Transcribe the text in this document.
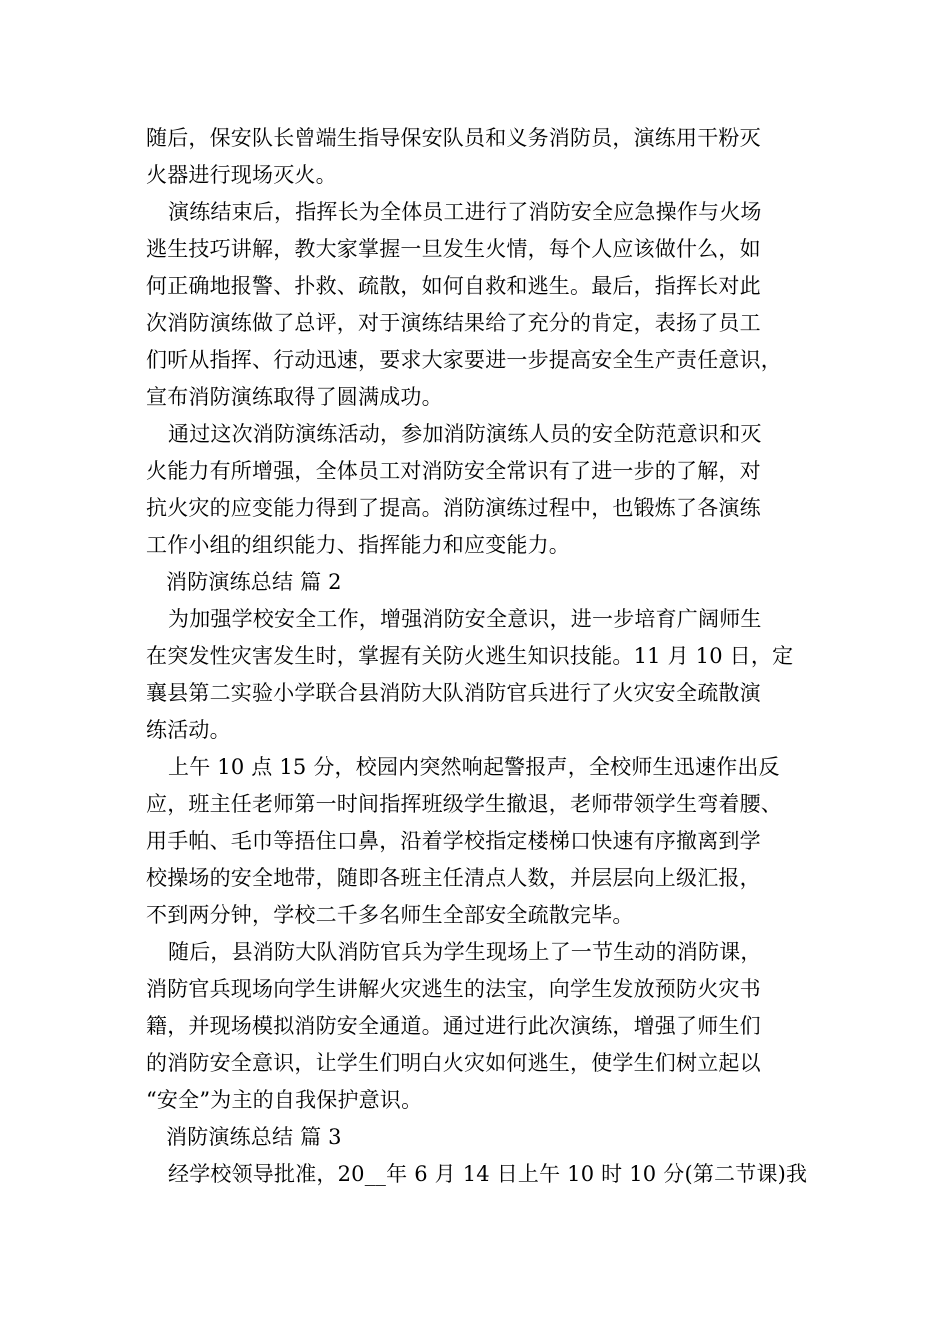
随后，保安队长曾端生指导保安队员和义务消防员，演练用干粉灭
火器进行现场灭火。
演练结束后，指挥长为全体员工进行了消防安全应急操作与火场
逃生技巧讲解，教大家掌握一旦发生火情，每个人应该做什么，如
何正确地报警、扑救、疏散，如何自救和逃生。最后，指挥长对此
次消防演练做了总评，对于演练结果给了充分的肯定，表扬了员工
们听从指挥、行动迅速，要求大家要进一步提高安全生产责任意识，
宣布消防演练取得了圆满成功。
通过这次消防演练活动，参加消防演练人员的安全防范意识和灭
火能力有所增强，全体员工对消防安全常识有了进一步的了解，对
抗火灾的应变能力得到了提高。消防演练过程中，也锻炼了各演练
工作小组的组织能力、指挥能力和应变能力。
消防演练总结 篇 2
为加强学校安全工作，增强消防安全意识，进一步培育广阔师生
在突发性灾害发生时，掌握有关防火逃生知识技能。11 月 10 日，定
襄县第二实验小学联合县消防大队消防官兵进行了火灾安全疏散演
练活动。
上午 10 点 15 分，校园内突然响起警报声，全校师生迅速作出反
应，班主任老师第一时间指挥班级学生撤退，老师带领学生弯着腰、
用手帕、毛巾等捂住口鼻，沿着学校指定楼梯口快速有序撤离到学
校操场的安全地带，随即各班主任清点人数，并层层向上级汇报，
不到两分钟，学校二千多名师生全部安全疏散完毕。
随后，县消防大队消防官兵为学生现场上了一节生动的消防课，
消防官兵现场向学生讲解火灾逃生的法宝，向学生发放预防火灾书
籍，并现场模拟消防安全通道。通过进行此次演练，增强了师生们
的消防安全意识，让学生们明白火灾如何逃生，使学生们树立起以
“安全”为主的自我保护意识。
消防演练总结 篇 3
经学校领导批准，20__年 6 月 14 日上午 10 时 10 分(第二节课)我
